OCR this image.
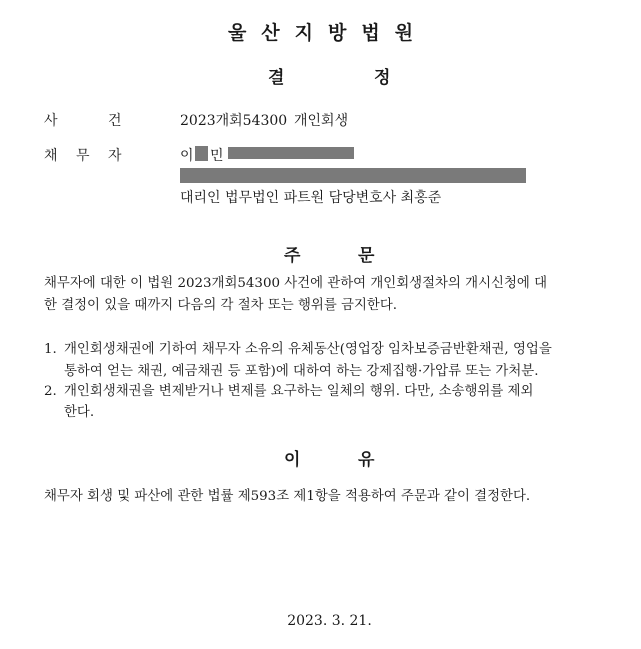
울산지방법원
결	정
사	건	2023개회54300 개인회생
채 무 자	이 민
대리인 법무법인 파트원 담당변호사 최홍준
주	문
채무자에 대한 이 법원 2023개회54300 사건에 관하여 개인회생절차의 개시신청에 대
한 결정이 있을 때까지 다음의 각 절차 또는 행위를 금지한다.
1. 개인회생채권에 기하여 채무자 소유의 유체동산(영업장 임차보증금반환채권, 영업을
통하여 얻는 채권, 예금채권 등 포함)에 대하여 하는 강제집행·가압류 또는 가처분.
2. 개인회생채권을 변제받거나 변제를 요구하는 일체의 행위. 다만, 소송행위를 제외
한다.
이	유
채무자 회생 및 파산에 관한 법률 제593조 제1항을 적용하여 주문과 같이 결정한다.
2023. 3. 21.
